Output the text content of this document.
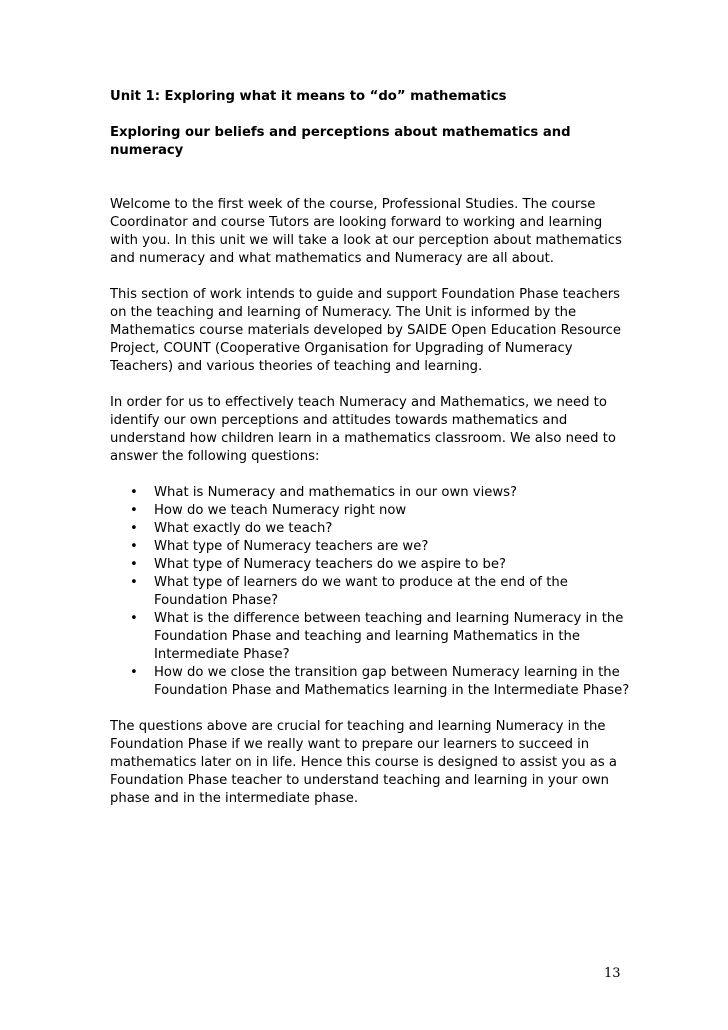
Unit 1: Exploring what it means to “do” mathematics
Exploring our beliefs and perceptions about mathematics and numeracy

Welcome to the first week of the course, Professional Studies. The course Coordinator and course Tutors are looking forward to working and learning with you. In this unit we will take a look at our perception about mathematics and numeracy and what mathematics and Numeracy are all about.

This section of work intends to guide and support Foundation Phase teachers on the teaching and learning of Numeracy. The Unit is informed by the Mathematics course materials developed by SAIDE Open Education Resource Project, COUNT (Cooperative Organisation for Upgrading of Numeracy Teachers) and various theories of teaching and learning.

In order for us to effectively teach Numeracy and Mathematics, we need to identify our own perceptions and attitudes towards mathematics and understand how children learn in a mathematics classroom. We also need to answer the following questions:

• What is Numeracy and mathematics in our own views?
• How do we teach Numeracy right now
• What exactly do we teach?
• What type of Numeracy teachers are we?
• What type of Numeracy teachers do we aspire to be?
• What type of learners do we want to produce at the end of the Foundation Phase?
• What is the difference between teaching and learning Numeracy in the Foundation Phase and teaching and learning Mathematics in the Intermediate Phase?
• How do we close the transition gap between Numeracy learning in the Foundation Phase and Mathematics learning in the Intermediate Phase?

The questions above are crucial for teaching and learning Numeracy in the Foundation Phase if we really want to prepare our learners to succeed in mathematics later on in life. Hence this course is designed to assist you as a Foundation Phase teacher to understand teaching and learning in your own phase and in the intermediate phase.

13
